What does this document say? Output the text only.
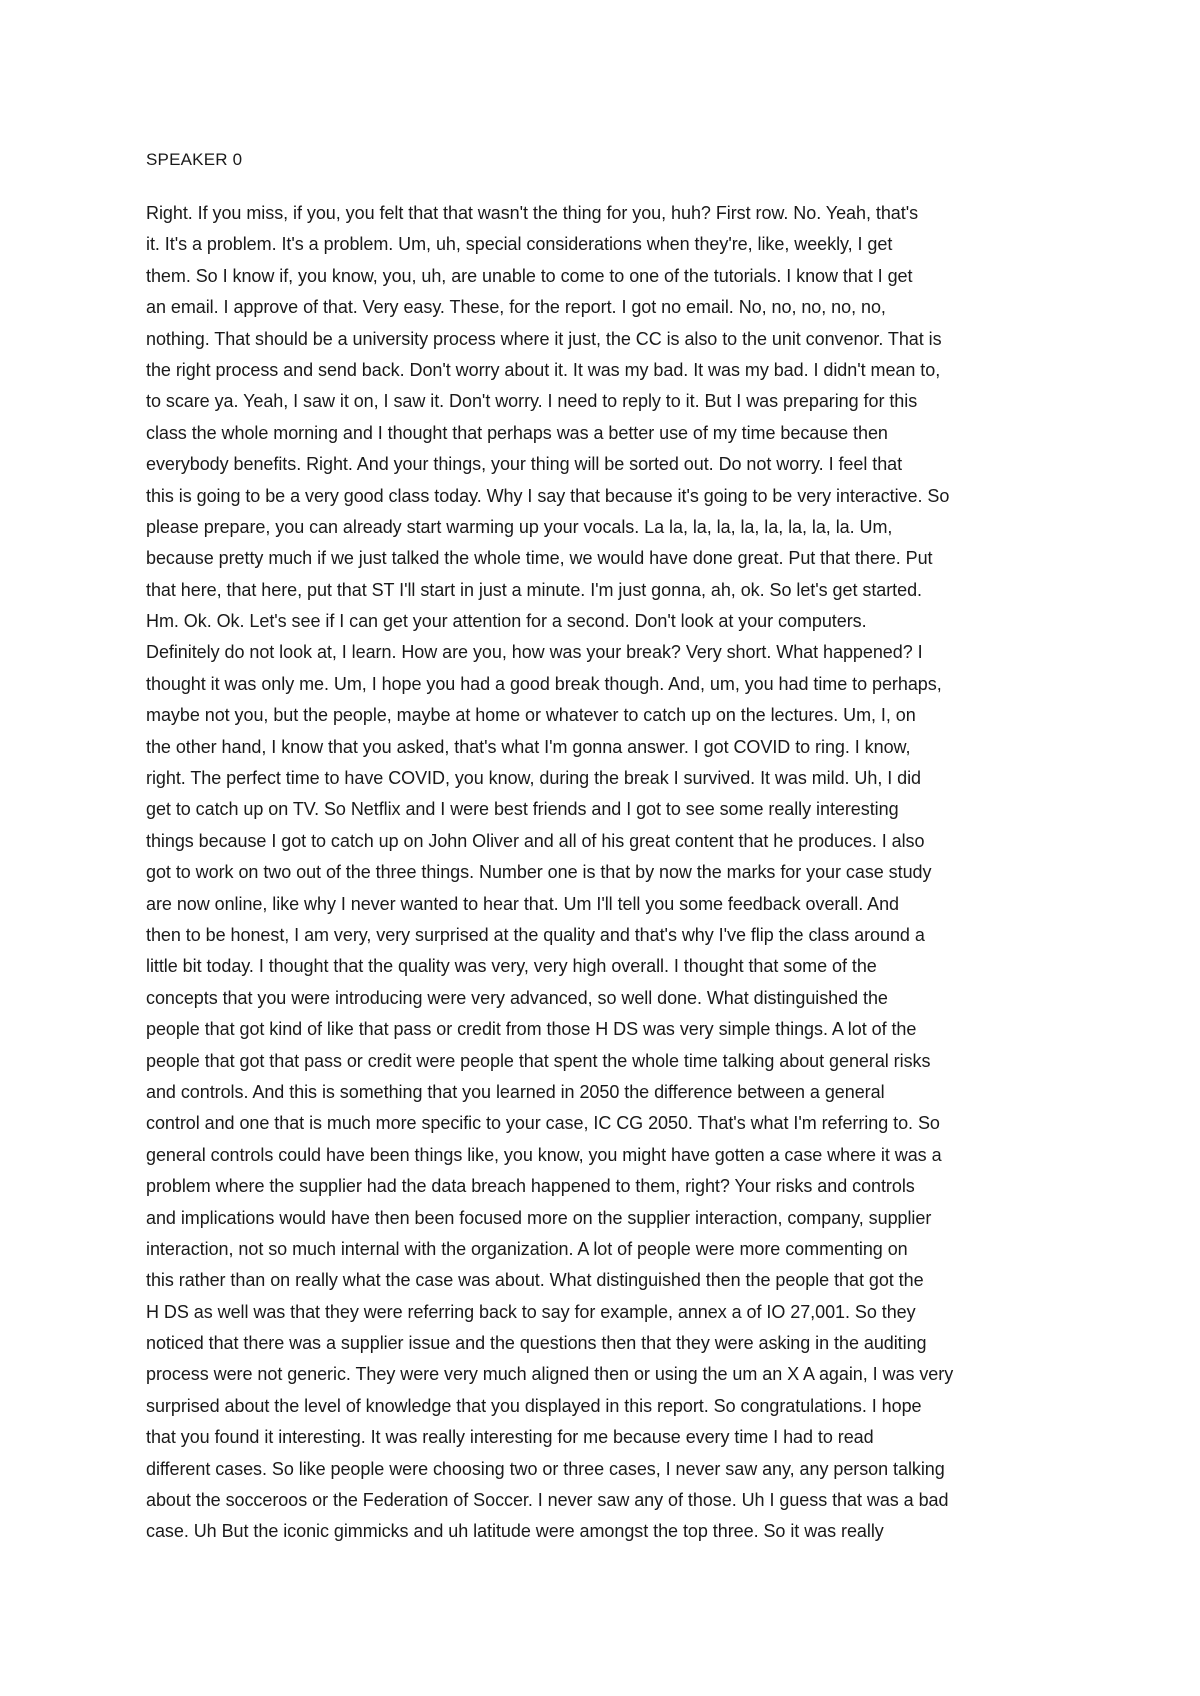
SPEAKER 0

Right. If you miss, if you, you felt that that wasn't the thing for you, huh? First row. No. Yeah, that's
it. It's a problem. It's a problem. Um, uh, special considerations when they're, like, weekly, I get
them. So I know if, you know, you, uh, are unable to come to one of the tutorials. I know that I get
an email. I approve of that. Very easy. These, for the report. I got no email. No, no, no, no, no,
nothing. That should be a university process where it just, the CC is also to the unit convenor. That is
the right process and send back. Don't worry about it. It was my bad. It was my bad. I didn't mean to,
to scare ya. Yeah, I saw it on, I saw it. Don't worry. I need to reply to it. But I was preparing for this
class the whole morning and I thought that perhaps was a better use of my time because then
everybody benefits. Right. And your things, your thing will be sorted out. Do not worry. I feel that
this is going to be a very good class today. Why I say that because it's going to be very interactive. So
please prepare, you can already start warming up your vocals. La la, la, la, la, la, la, la, la. Um,
because pretty much if we just talked the whole time, we would have done great. Put that there. Put
that here, that here, put that ST I'll start in just a minute. I'm just gonna, ah, ok. So let's get started.
Hm. Ok. Ok. Let's see if I can get your attention for a second. Don't look at your computers.
Definitely do not look at, I learn. How are you, how was your break? Very short. What happened? I
thought it was only me. Um, I hope you had a good break though. And, um, you had time to perhaps,
maybe not you, but the people, maybe at home or whatever to catch up on the lectures. Um, I, on
the other hand, I know that you asked, that's what I'm gonna answer. I got COVID to ring. I know,
right. The perfect time to have COVID, you know, during the break I survived. It was mild. Uh, I did
get to catch up on TV. So Netflix and I were best friends and I got to see some really interesting
things because I got to catch up on John Oliver and all of his great content that he produces. I also
got to work on two out of the three things. Number one is that by now the marks for your case study
are now online, like why I never wanted to hear that. Um I'll tell you some feedback overall. And
then to be honest, I am very, very surprised at the quality and that's why I've flip the class around a
little bit today. I thought that the quality was very, very high overall. I thought that some of the
concepts that you were introducing were very advanced, so well done. What distinguished the
people that got kind of like that pass or credit from those H DS was very simple things. A lot of the
people that got that pass or credit were people that spent the whole time talking about general risks
and controls. And this is something that you learned in 2050 the difference between a general
control and one that is much more specific to your case, IC CG 2050. That's what I'm referring to. So
general controls could have been things like, you know, you might have gotten a case where it was a
problem where the supplier had the data breach happened to them, right? Your risks and controls
and implications would have then been focused more on the supplier interaction, company, supplier
interaction, not so much internal with the organization. A lot of people were more commenting on
this rather than on really what the case was about. What distinguished then the people that got the
H DS as well was that they were referring back to say for example, annex a of IO 27,001. So they
noticed that there was a supplier issue and the questions then that they were asking in the auditing
process were not generic. They were very much aligned then or using the um an X A again, I was very
surprised about the level of knowledge that you displayed in this report. So congratulations. I hope
that you found it interesting. It was really interesting for me because every time I had to read
different cases. So like people were choosing two or three cases, I never saw any, any person talking
about the socceroos or the Federation of Soccer. I never saw any of those. Uh I guess that was a bad
case. Uh But the iconic gimmicks and uh latitude were amongst the top three. So it was really
